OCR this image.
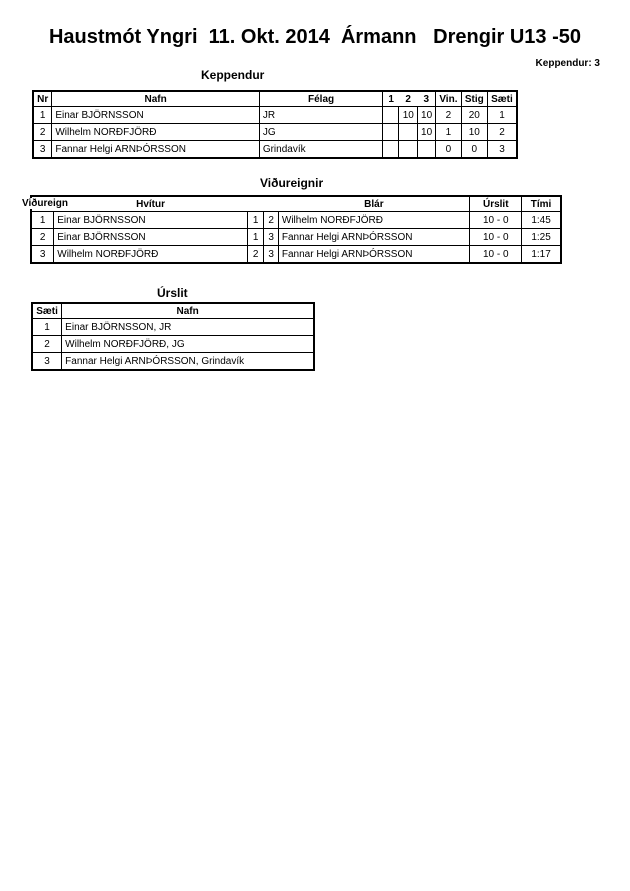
Haustmót Yngri  11. Okt. 2014  Ármann   Drengir U13 -50
Keppendur: 3
Keppendur
Nr	Nafn	Félag	1	2	3	Vin.	Stig	Sæti
1	Einar BJÖRNSSON	JR		10	10	2	20	1
2	Wilhelm NORÐFJÖRÐ	JG			10	1	10	2
3	Fannar Helgi ARNÞÓRSSON	Grindavík				0	0	3
Viðureignir
Viðureign
		Hvítur			Blár	Úrslit	Tími
1	Einar BJÖRNSSON	1	2	Wilhelm NORÐFJÖRÐ	10 - 0	1:45
2	Einar BJÖRNSSON	1	3	Fannar Helgi ARNÞÓRSSON	10 - 0	1:25
3	Wilhelm NORÐFJÖRÐ	2	3	Fannar Helgi ARNÞÓRSSON	10 - 0	1:17
Úrslit
Sæti	Nafn
1	Einar BJÖRNSSON, JR
2	Wilhelm NORÐFJÖRÐ, JG
3	Fannar Helgi ARNÞÓRSSON, Grindavík
